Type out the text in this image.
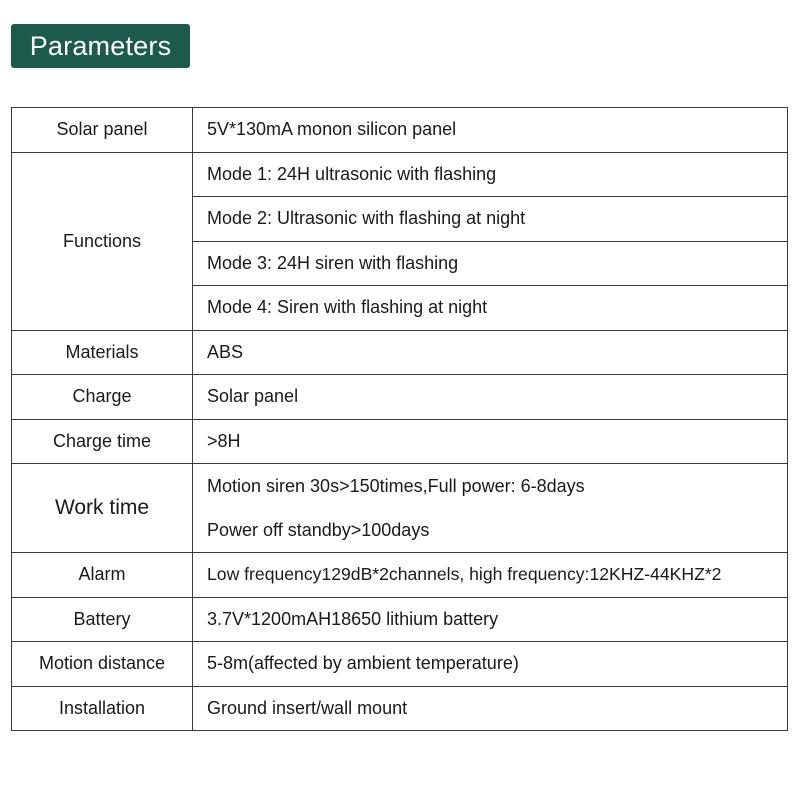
Parameters
Solar panel	5V*130mA monon silicon panel
Functions	Mode 1: 24H ultrasonic with flashing
	Mode 2: Ultrasonic with flashing at night
	Mode 3: 24H siren with flashing
	Mode 4: Siren with flashing at night
Materials	ABS
Charge	Solar panel
Charge time	>8H
Work time	Motion siren 30s>150times,Full power: 6-8days
	Power off standby>100days
Alarm	Low frequency129dB*2channels, high frequency:12KHZ-44KHZ*2
Battery	3.7V*1200mAH18650 lithium battery
Motion distance	5-8m(affected by ambient temperature)
Installation	Ground insert/wall mount
